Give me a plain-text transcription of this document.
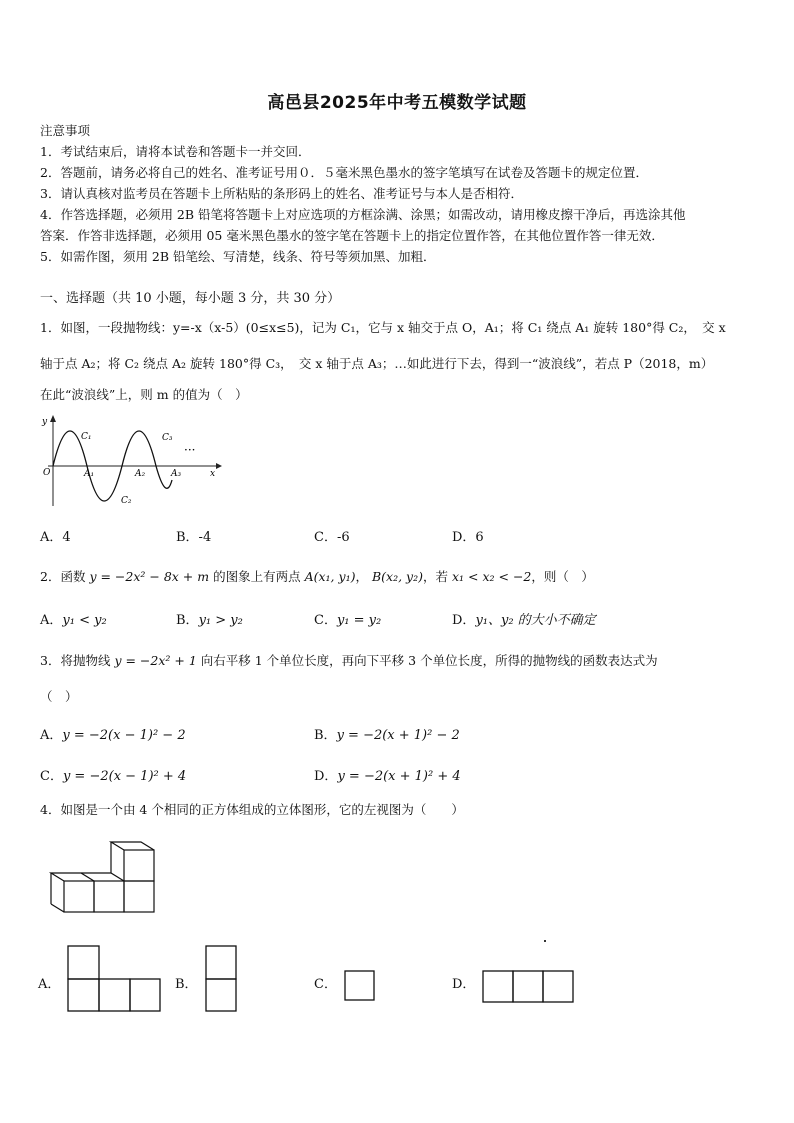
高邑县2025年中考五模数学试题
注意事项
1．考试结束后，请将本试卷和答题卡一并交回．
2．答题前，请务必将自己的姓名、准考证号用０．５毫米黑色墨水的签字笔填写在试卷及答题卡的规定位置．
3．请认真核对监考员在答题卡上所粘贴的条形码上的姓名、准考证号与本人是否相符．
4．作答选择题，必须用 2B 铅笔将答题卡上对应选项的方框涂满、涂黑；如需改动，请用橡皮擦干净后，再选涂其他
答案．作答非选择题，必须用 05 毫米黑色墨水的签字笔在答题卡上的指定位置作答，在其他位置作答一律无效．
5．如需作图，须用 2B 铅笔绘、写清楚，线条、符号等须加黑、加粗．
一、选择题（共 10 小题，每小题 3 分，共 30 分）
1．如图，一段抛物线：y=-x（x-5）(0≤x≤5)，记为 C₁，它与 x 轴交于点 O，A₁；将 C₁ 绕点 A₁ 旋转 180°得 C₂，　交 x
轴于点 A₂；将 C₂ 绕点 A₂ 旋转 180°得 C₃，　交 x 轴于点 A₃；…如此进行下去，得到一“波浪线”，若点 P（2018，m）
在此“波浪线”上，则 m 的值为（　）
y
x
O
C₁
C₂
C₃
A₁	A₂	A₃
···
A．4	B．-4	C．-6	D．6
2．函数 y = −2x² − 8x + m 的图象上有两点 A(x₁, y₁)， B(x₂, y₂)，若 x₁ < x₂ < −2，则（　）
A．y₁ < y₂	B．y₁ > y₂	C．y₁ = y₂	D．y₁、y₂ 的大小不确定
3．将抛物线 y = −2x² + 1 向右平移 1 个单位长度，再向下平移 3 个单位长度，所得的抛物线的函数表达式为
（　）
A．y = −2(x − 1)² − 2	B．y = −2(x + 1)² − 2
C．y = −2(x − 1)² + 4	D．y = −2(x + 1)² + 4
4．如图是一个由 4 个相同的正方体组成的立体图形，它的左视图为（　　）
A．	B．	C．	D．
